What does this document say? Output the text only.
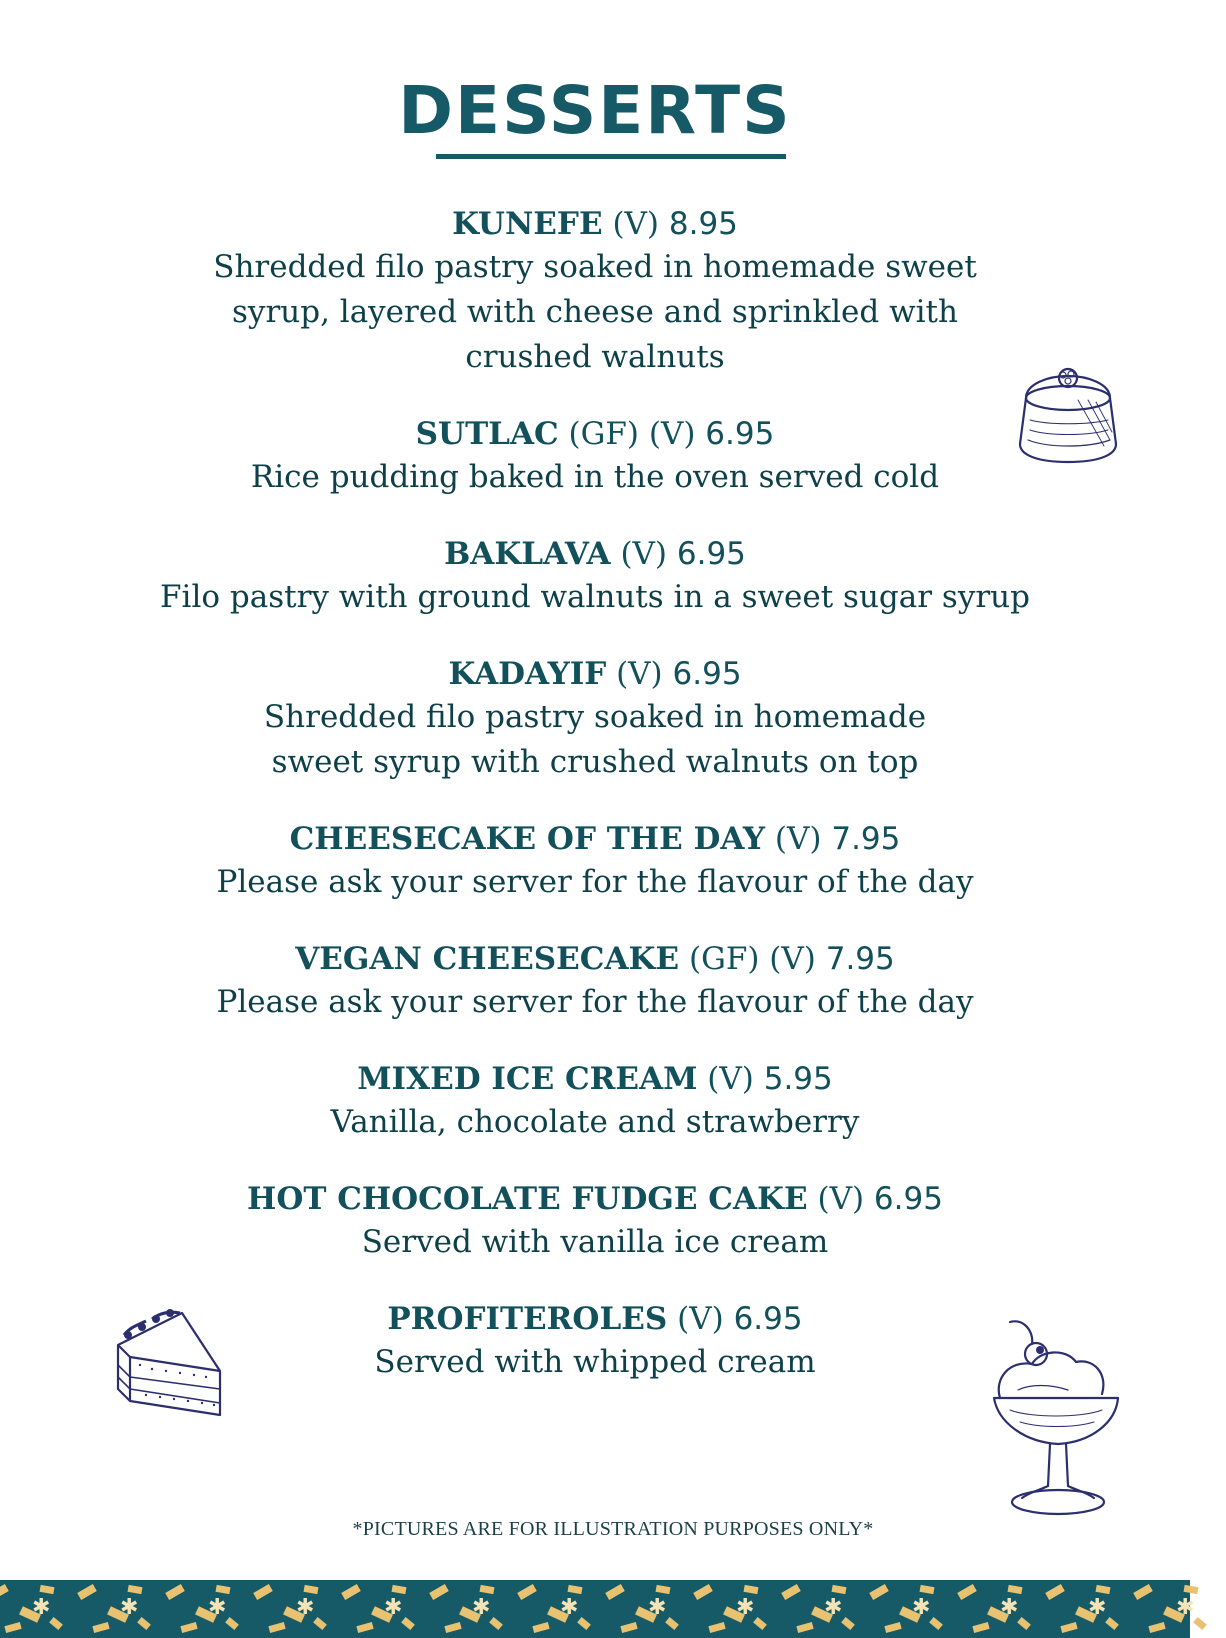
DESSERTS
KUNEFE (V) 8.95
Shredded filo pastry soaked in homemade sweet
syrup, layered with cheese and sprinkled with
crushed walnuts
SUTLAC (GF) (V) 6.95
Rice pudding baked in the oven served cold
BAKLAVA (V) 6.95
Filo pastry with ground walnuts in a sweet sugar syrup
KADAYIF (V) 6.95
Shredded filo pastry soaked in homemade
sweet syrup with crushed walnuts on top
CHEESECAKE OF THE DAY (V) 7.95
Please ask your server for the flavour of the day
VEGAN CHEESECAKE (GF) (V) 7.95
Please ask your server for the flavour of the day
MIXED ICE CREAM (V) 5.95
Vanilla, chocolate and strawberry
HOT CHOCOLATE FUDGE CAKE (V) 6.95
Served with vanilla ice cream
PROFITEROLES (V) 6.95
Served with whipped cream
*PICTURES ARE FOR ILLUSTRATION PURPOSES ONLY*
✱	✱	✱	✱	✱	✱	✱	✱	✱	✱	✱	✱	✱	✱
